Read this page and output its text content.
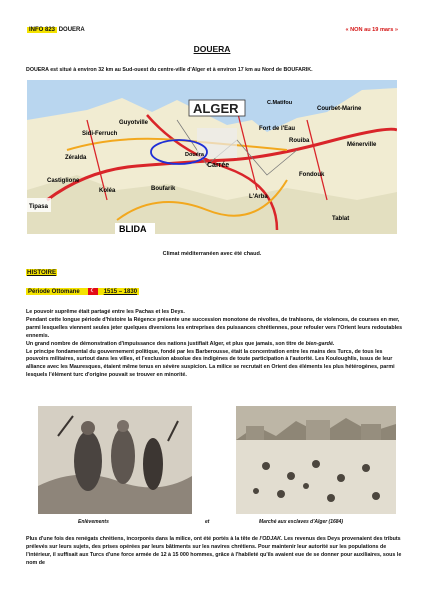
INFO 823 DOUERA	« NON au 19 mars »
DOUERA
DOUERA est situé à environ 32 km au Sud-ouest du centre-ville d'Alger et à environ 17 km au Nord de BOUFARIK.
ALGER
Guyotville
Sidi-Ferruch
Zéralda
Castiglione
Tipasa
Koléa
Douéra
Boufarik
BLIDA
Carrée
L'Arba
Fort de l'Eau
Courbet-Marine
Rouiba
Fondouk
Tablat
Ménerville
C.Matifou
Climat méditerranéen avec été chaud.
HISTOIRE
Période Ottomane ☾ 1515 – 1830

Le pouvoir suprême était partagé entre les Pachas et les Deys.

Pendant cette longue période d'histoire la Régence présente une succession monotone de révoltes, de trahisons, de violences, de courses en mer, parmi lesquelles viennent seules jeter quelques diversions les entreprises des puissances chrétiennes, pour refouler vers l'Orient leurs redoutables ennemis.

Un grand nombre de démonstration d'impuissance des nations justifiait Alger, et plus que jamais, son titre de bien-gardé.

Le principe fondamental du gouvernement politique, fondé par les Barberousse, était la concentration entre les mains des Turcs, de tous les pouvoirs militaires, surtout dans les villes, et l'exclusion absolue des indigènes de toute participation à l'autorité. Les Kouloughlis, issus de leur alliance avec les Mauresques, étaient même tenus en sévère suspicion. La milice se recrutait en Orient des éléments les plus hétérogènes, parmi lesquels l'élément turc d'origine pouvait se trouver en minorité.

Enlèvements	et	Marché aux esclaves d'Alger (1684)
Plus d'une fois des renégats chrétiens, incorporés dans la milice, ont été portés à la tête de l'ODJAK. Les revenus des Deys provenaient des tributs prélevés sur leurs sujets, des prises opérées par leurs bâtiments sur les navires chrétiens. Pour maintenir leur autorité sur les populations de l'intérieur, il suffisait aux Turcs d'une force armée de 12 à 15 000 hommes, grâce à l'habileté qu'ils avaient eue de se donner pour auxiliaires, sous le nom de
